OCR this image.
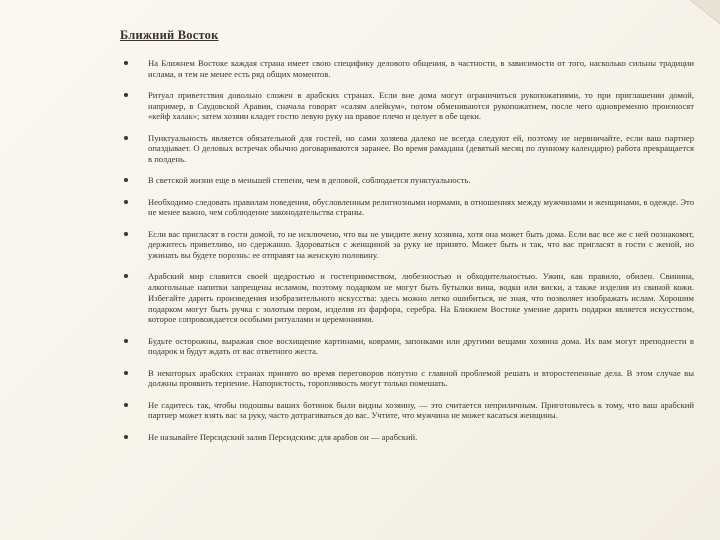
Ближний Восток
На Ближнем Востоке каждая страна имеет свою специфику делового общения, в частности, в зависимости от того, насколько сильны традиции ислама, и тем не менее есть ряд общих моментов.
Ритуал приветствия довольно сложен в арабских странах. Если вне дома могут ограничиться рукопожатиями, то при приглашении домой, например, в Саудовской Аравии, сначала говорят «салям алейкум», потом обмениваются рукопожатием, после чего одновременно произносят «кейф халак»; затем хозяин кладет гостю левую руку на правое плечо и целует в обе щеки.
Пунктуальность является обязательной для гостей, но сами хозяева далеко не всегда следуют ей, поэтому не нервничайте, если ваш партнер опаздывает. О деловых встречах обычно договариваются заранее. Во время рамадана (девятый месяц по лунному календарю) работа прекращается в полдень.
В светской жизни еще в меньшей степени, чем в деловой, соблюдается пунктуальность.
Необходимо следовать правилам поведения, обусловленным религиозными нормами, в отношениях между мужчинами и женщинами, в одежде. Это не менее важно, чем соблюдение законодательства страны.
Если вас пригласят в гости домой, то не исключено, что вы не увидите жену хозяина, хотя она может быть дома. Если вас все же с ней познакомят, держитесь приветливо, но сдержанно. Здороваться с женщиной за руку не принято. Может быть и так, что вас пригласят в гости с женой, но ужинать вы будете порознь: ее отправят на женскую половину.
Арабский мир славится своей щедростью и гостеприимством, любезностью и обходительностью. Ужин, как правило, обилен. Свинина, алкогольные напитки запрещены исламом, поэтому подарком не могут быть бутылки вина, водки или виски, а также изделия из свиной кожи. Избегайте дарить произведения изобразительного искусства: здесь можно легко ошибиться, не зная, что позволяет изображать ислам. Хорошим подарком могут быть ручка с золотым пером, изделия из фарфора, серебра. На Ближнем Востоке умение дарить подарки является искусством, которое сопровождается особыми ритуалами и церемониями.
Будьте осторожны, выражая свое восхищение картинами, коврами, запонками или другими вещами хозяина дома. Их вам могут преподнести в подарок и будут ждать от вас ответного жеста.
В некоторых арабских странах принято во время переговоров попутно с главной проблемой решать и второстепенные дела. В этом случае вы должны проявить терпение. Напористость, торопливость могут только помешать.
Не садитесь так, чтобы подошвы ваших ботинок были видны хозяину, — это считается неприличным. Приготовьтесь к тому, что ваш арабский партнер может взять вас за руку, часто дотрагиваться до вас. Учтите, что мужчина не может касаться женщины.
Не называйте Персидский залив Персидским: для арабов он — арабский.
